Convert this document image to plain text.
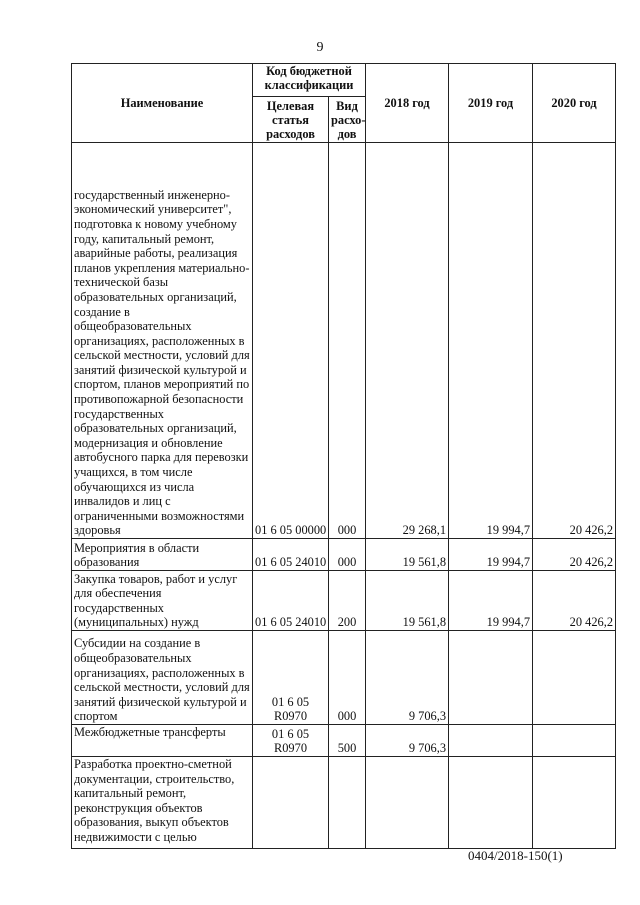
9
Наименование	Код бюджетной классификации		2018 год	2019 год	2020 год
	Целевая статья расходов	Вид расхо-дов			
государственный инженерно-экономический университет", подготовка к новому учебному году, капитальный ремонт, аварийные работы, реализация планов укрепления материально-технической базы образовательных организаций, создание в общеобразовательных организациях, расположенных в сельской местности, условий для занятий физической культурой и спортом, планов мероприятий по противопожарной безопасности государственных образовательных организаций, модернизация и обновление автобусного парка для перевозки учащихся, в том числе обучающихся из числа инвалидов и лиц с ограниченными возможностями здоровья	01 6 05 00000	000	29 268,1	19 994,7	20 426,2
Мероприятия в области образования	01 6 05 24010	000	19 561,8	19 994,7	20 426,2
Закупка товаров, работ и услуг для обеспечения государственных (муниципальных) нужд	01 6 05 24010	200	19 561,8	19 994,7	20 426,2
Субсидии на создание в общеобразовательных организациях, расположенных в сельской местности, условий для занятий физической культурой и спортом	01 6 05 R0970	000	9 706,3		
Межбюджетные трансферты	01 6 05 R0970	500	9 706,3		
Разработка проектно-сметной документации, строительство, капитальный ремонт, реконструкция объектов образования, выкуп объектов недвижимости с целью					
0404/2018-150(1)
